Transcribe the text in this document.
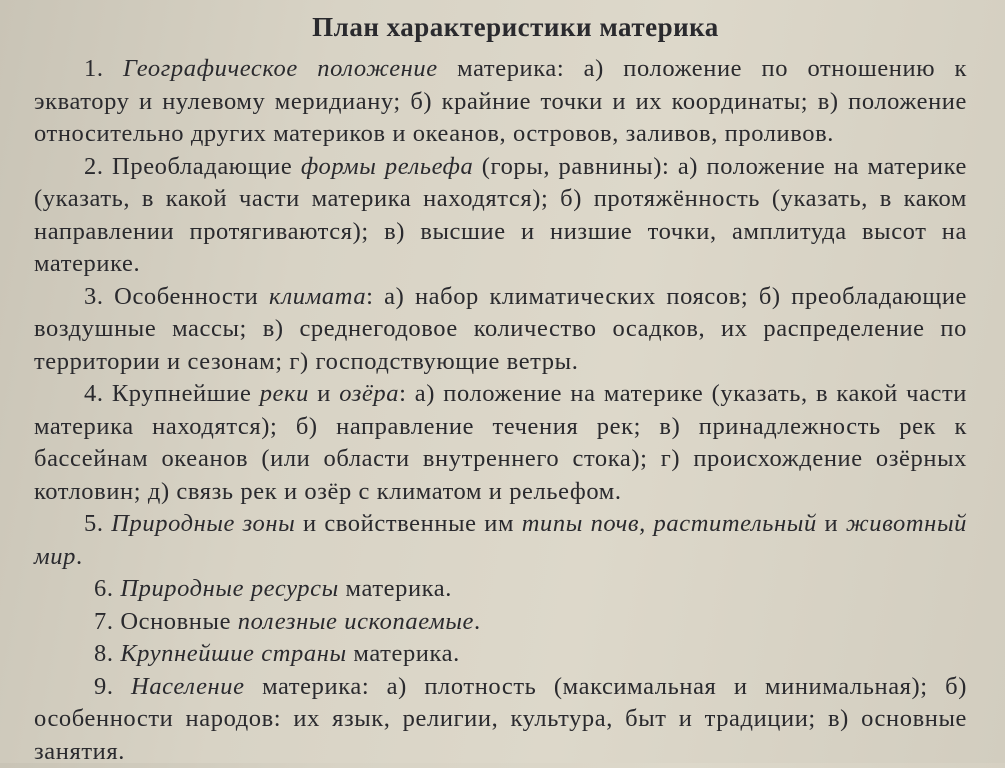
План характеристики материка

1. Географическое положение материка: а) положение по отношению к экватору и нулевому меридиану; б) крайние точки и их координаты; в) положение относительно других материков и океанов, островов, заливов, проливов.

2. Преобладающие формы рельефа (горы, равнины): а) положение на материке (указать, в какой части материка находятся); б) протяжённость (указать, в каком направлении протягиваются); в) высшие и низшие точки, амплитуда высот на материке.

3. Особенности климата: а) набор климатических поясов; б) преобладающие воздушные массы; в) среднегодовое количество осадков, их распределение по территории и сезонам; г) господствующие ветры.

4. Крупнейшие реки и озёра: а) положение на материке (указать, в какой части материка находятся); б) направление течения рек; в) принадлежность рек к бассейнам океанов (или области внутреннего стока); г) происхождение озёрных котловин; д) связь рек и озёр с климатом и рельефом.

5. Природные зоны и свойственные им типы почв, растительный и животный мир.

6. Природные ресурсы материка.

7. Основные полезные ископаемые.

8. Крупнейшие страны материка.

9. Население материка: а) плотность (максимальная и минимальная); б) особенности народов: их язык, религии, культура, быт и традиции; в) основные занятия.
